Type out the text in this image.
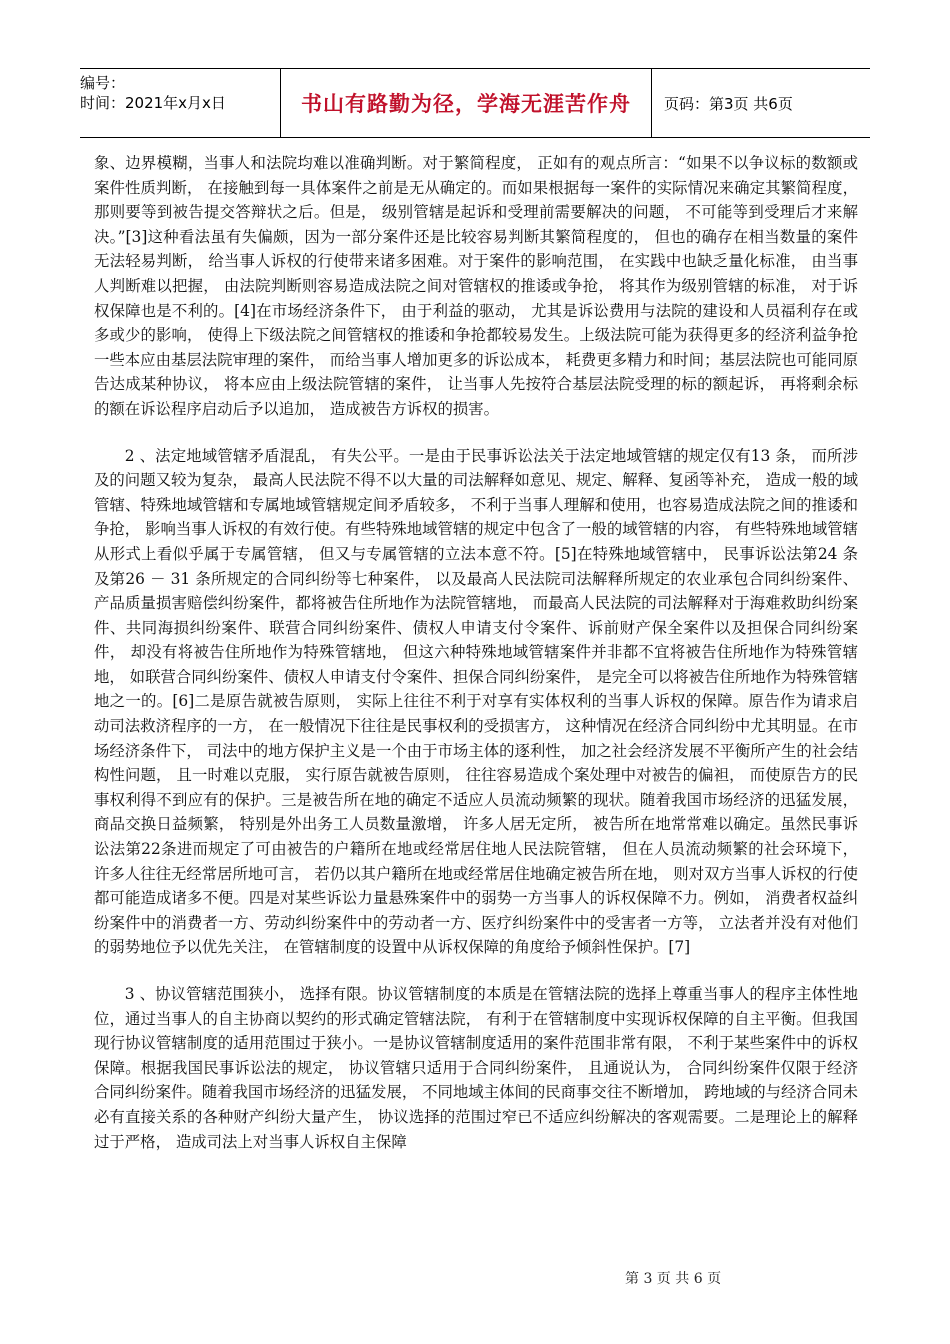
编号：
时间：2021年x月x日	书山有路勤为径，学海无涯苦作舟	页码：第3页 共6页

象、边界模糊，当事人和法院均难以准确判断。对于繁简程度， 正如有的观点所言：“如果不以争议标的数额或案件性质判断， 在接触到每一具体案件之前是无从确定的。而如果根据每一案件的实际情况来确定其繁简程度， 那则要等到被告提交答辩状之后。但是， 级别管辖是起诉和受理前需要解决的问题， 不可能等到受理后才来解决。”[3]这种看法虽有失偏颇，因为一部分案件还是比较容易判断其繁简程度的， 但也的确存在相当数量的案件无法轻易判断， 给当事人诉权的行使带来诸多困难。对于案件的影响范围， 在实践中也缺乏量化标准， 由当事人判断难以把握， 由法院判断则容易造成法院之间对管辖权的推诿或争抢， 将其作为级别管辖的标准， 对于诉权保障也是不利的。[4]在市场经济条件下， 由于利益的驱动， 尤其是诉讼费用与法院的建设和人员福利存在或多或少的影响， 使得上下级法院之间管辖权的推诿和争抢都较易发生。上级法院可能为获得更多的经济利益争抢一些本应由基层法院审理的案件， 而给当事人增加更多的诉讼成本， 耗费更多精力和时间；基层法院也可能同原告达成某种协议， 将本应由上级法院管辖的案件， 让当事人先按符合基层法院受理的标的额起诉， 再将剩余标的额在诉讼程序启动后予以追加， 造成被告方诉权的损害。

2 、法定地域管辖矛盾混乱， 有失公平。一是由于民事诉讼法关于法定地域管辖的规定仅有13 条， 而所涉及的问题又较为复杂， 最高人民法院不得不以大量的司法解释如意见、规定、解释、复函等补充， 造成一般的域管辖、特殊地域管辖和专属地域管辖规定间矛盾较多， 不利于当事人理解和使用，也容易造成法院之间的推诿和争抢， 影响当事人诉权的有效行使。有些特殊地域管辖的规定中包含了一般的域管辖的内容， 有些特殊地域管辖从形式上看似乎属于专属管辖， 但又与专属管辖的立法本意不符。[5]在特殊地域管辖中， 民事诉讼法第24 条及第26 － 31 条所规定的合同纠纷等七种案件， 以及最高人民法院司法解释所规定的农业承包合同纠纷案件、产品质量损害赔偿纠纷案件，都将被告住所地作为法院管辖地， 而最高人民法院的司法解释对于海难救助纠纷案件、共同海损纠纷案件、联营合同纠纷案件、债权人申请支付令案件、诉前财产保全案件以及担保合同纠纷案件， 却没有将被告住所地作为特殊管辖地， 但这六种特殊地域管辖案件并非都不宜将被告住所地作为特殊管辖地， 如联营合同纠纷案件、债权人申请支付令案件、担保合同纠纷案件， 是完全可以将被告住所地作为特殊管辖地之一的。[6]二是原告就被告原则， 实际上往往不利于对享有实体权利的当事人诉权的保障。原告作为请求启动司法救济程序的一方， 在一般情况下往往是民事权利的受损害方， 这种情况在经济合同纠纷中尤其明显。在市场经济条件下， 司法中的地方保护主义是一个由于市场主体的逐利性， 加之社会经济发展不平衡所产生的社会结构性问题， 且一时难以克服， 实行原告就被告原则， 往往容易造成个案处理中对被告的偏袒， 而使原告方的民事权利得不到应有的保护。三是被告所在地的确定不适应人员流动频繁的现状。随着我国市场经济的迅猛发展， 商品交换日益频繁， 特别是外出务工人员数量激增， 许多人居无定所， 被告所在地常常难以确定。虽然民事诉讼法第22条进而规定了可由被告的户籍所在地或经常居住地人民法院管辖， 但在人员流动频繁的社会环境下， 许多人往往无经常居所地可言， 若仍以其户籍所在地或经常居住地确定被告所在地， 则对双方当事人诉权的行使都可能造成诸多不便。四是对某些诉讼力量悬殊案件中的弱势一方当事人的诉权保障不力。例如， 消费者权益纠纷案件中的消费者一方、劳动纠纷案件中的劳动者一方、医疗纠纷案件中的受害者一方等， 立法者并没有对他们的弱势地位予以优先关注， 在管辖制度的设置中从诉权保障的角度给予倾斜性保护。[7]

3 、协议管辖范围狭小， 选择有限。协议管辖制度的本质是在管辖法院的选择上尊重当事人的程序主体性地位，通过当事人的自主协商以契约的形式确定管辖法院， 有利于在管辖制度中实现诉权保障的自主平衡。但我国现行协议管辖制度的适用范围过于狭小。一是协议管辖制度适用的案件范围非常有限， 不利于某些案件中的诉权保障。根据我国民事诉讼法的规定， 协议管辖只适用于合同纠纷案件， 且通说认为， 合同纠纷案件仅限于经济合同纠纷案件。随着我国市场经济的迅猛发展， 不同地域主体间的民商事交往不断增加， 跨地域的与经济合同未必有直接关系的各种财产纠纷大量产生， 协议选择的范围过窄已不适应纠纷解决的客观需要。二是理论上的解释过于严格， 造成司法上对当事人诉权自主保障

第 3 页 共 6 页
